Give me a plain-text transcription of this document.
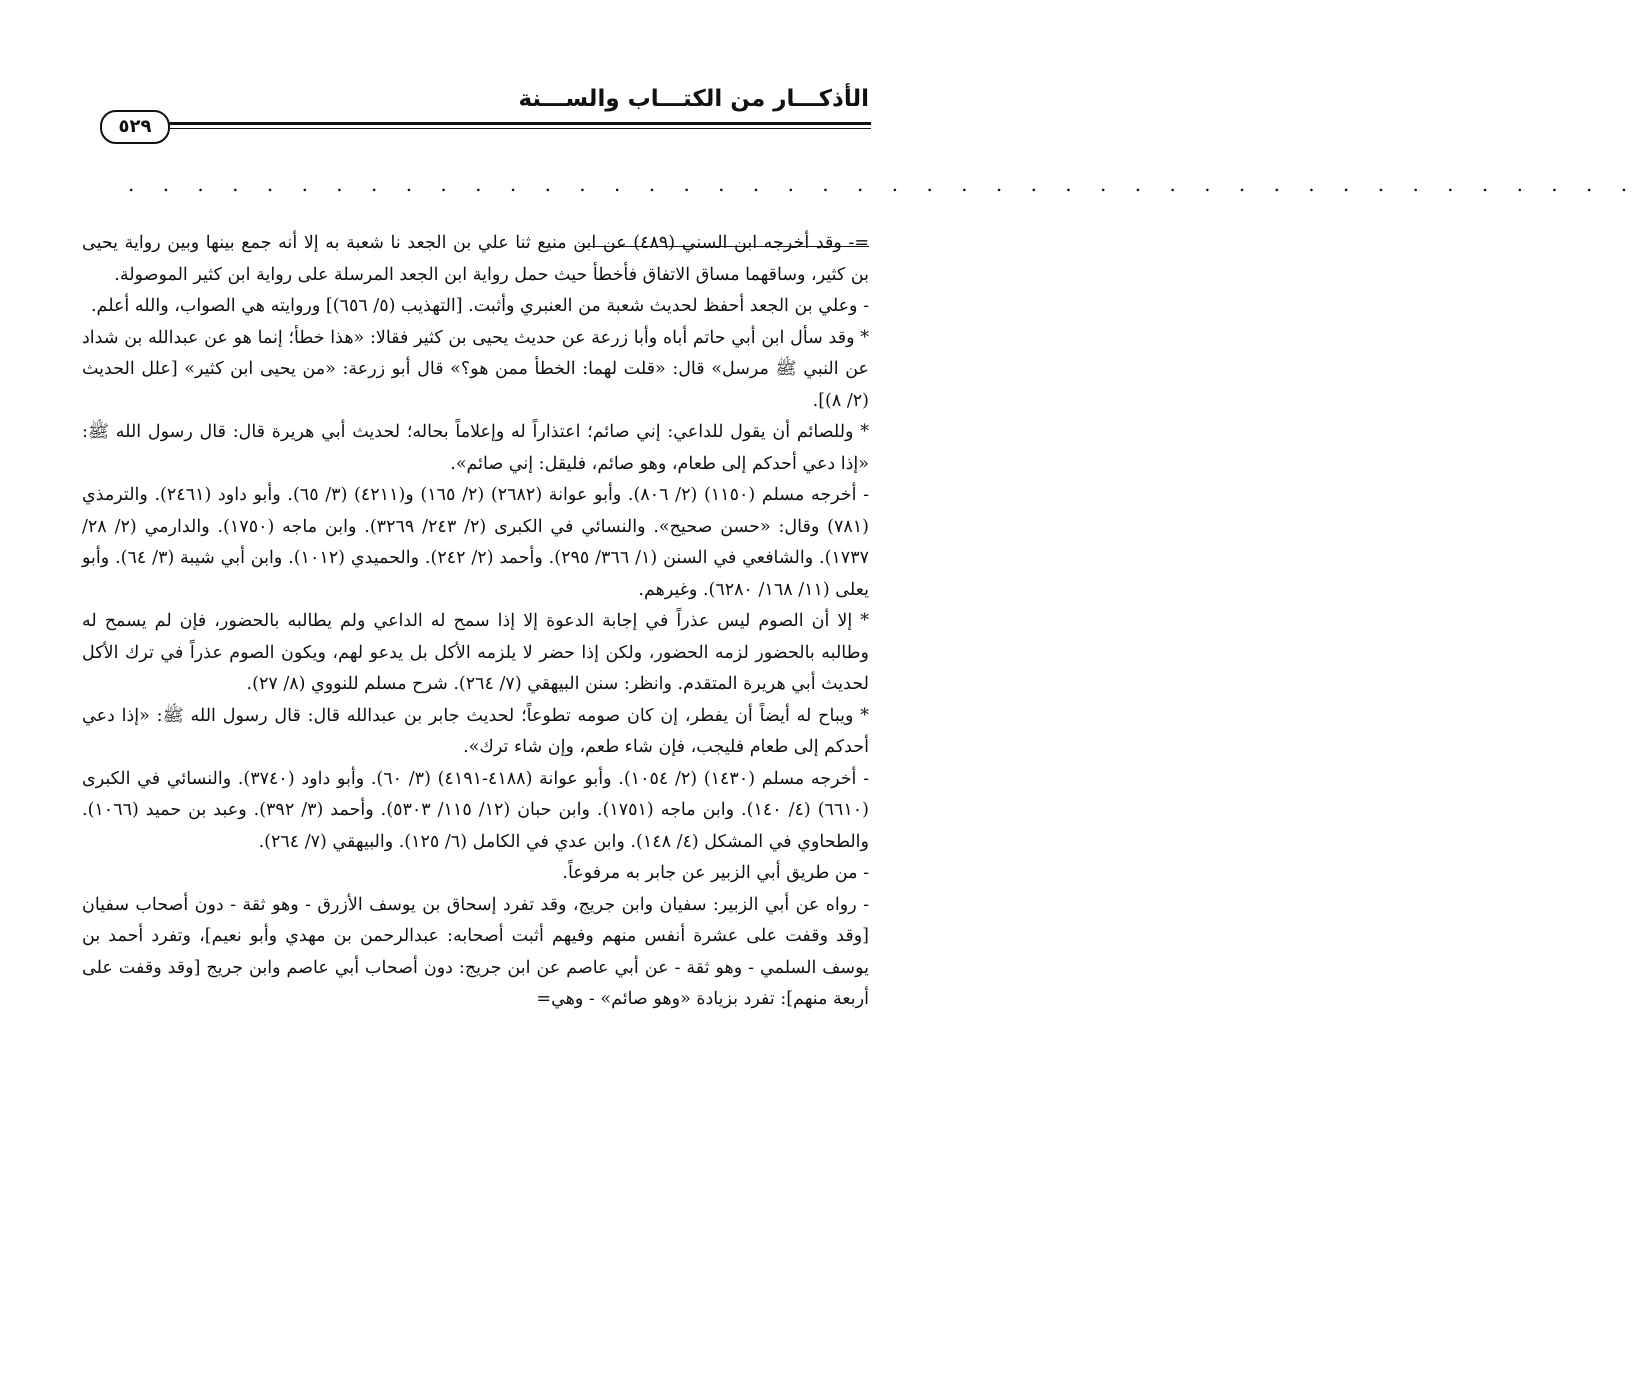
الأذكـــار من الكتـــاب والســـنة
٥٢٩
. . . . . . . . . . . . . . . . . . . . . . . . . . . . . . . . . . . . . . . . . . . .

=- وقد أخرجه ابن السني (٤٨٩) عن ابن منيع ثنا علي بن الجعد نا شعبة به إلا أنه جمع بينها وبين رواية يحيى بن كثير، وساقهما مساق الاتفاق فأخطأ حيث حمل رواية ابن الجعد المرسلة على رواية ابن كثير الموصولة.

- وعلي بن الجعد أحفظ لحديث شعبة من العنبري وأثبت. [التهذيب (٥/ ٦٥٦)] وروايته هي الصواب، والله أعلم.

* وقد سأل ابن أبي حاتم أباه وأبا زرعة عن حديث يحيى بن كثير فقالا: «هذا خطأ؛ إنما هو عن عبدالله بن شداد عن النبي ﷺ مرسل» قال: «قلت لهما: الخطأ ممن هو؟» قال أبو زرعة: «من يحيى ابن كثير» [علل الحديث (٢/ ٨)].

* وللصائم أن يقول للداعي: إني صائم؛ اعتذاراً له وإعلاماً بحاله؛ لحديث أبي هريرة قال: قال رسول الله ﷺ: «إذا دعي أحدكم إلى طعام، وهو صائم، فليقل: إني صائم».

- أخرجه مسلم (١١٥٠) (٢/ ٨٠٦). وأبو عوانة (٢٦٨٢) (٢/ ١٦٥) و(٤٢١١) (٣/ ٦٥). وأبو داود (٢٤٦١). والترمذي (٧٨١) وقال: «حسن صحيح». والنسائي في الكبرى (٢/ ٢٤٣/ ٣٢٦٩). وابن ماجه (١٧٥٠). والدارمي (٢/ ٢٨/ ١٧٣٧). والشافعي في السنن (١/ ٣٦٦/ ٢٩٥). وأحمد (٢/ ٢٤٢). والحميدي (١٠١٢). وابن أبي شيبة (٣/ ٦٤). وأبو يعلى (١١/ ١٦٨/ ٦٢٨٠). وغيرهم.

* إلا أن الصوم ليس عذراً في إجابة الدعوة إلا إذا سمح له الداعي ولم يطالبه بالحضور، فإن لم يسمح له وطالبه بالحضور لزمه الحضور، ولكن إذا حضر لا يلزمه الأكل بل يدعو لهم، ويكون الصوم عذراً في ترك الأكل لحديث أبي هريرة المتقدم. وانظر: سنن البيهقي (٧/ ٢٦٤). شرح مسلم للنووي (٨/ ٢٧).

* ويباح له أيضاً أن يفطر، إن كان صومه تطوعاً؛ لحديث جابر بن عبدالله قال: قال رسول الله ﷺ: «إذا دعي أحدكم إلى طعام فليجب، فإن شاء طعم، وإن شاء ترك».

- أخرجه مسلم (١٤٣٠) (٢/ ١٠٥٤). وأبو عوانة (٤١٨٨-٤١٩١) (٣/ ٦٠). وأبو داود (٣٧٤٠). والنسائي في الكبرى (٦٦١٠) (٤/ ١٤٠). وابن ماجه (١٧٥١). وابن حبان (١٢/ ١١٥/ ٥٣٠٣). وأحمد (٣/ ٣٩٢). وعبد بن حميد (١٠٦٦). والطحاوي في المشكل (٤/ ١٤٨). وابن عدي في الكامل (٦/ ١٢٥). والبيهقي (٧/ ٢٦٤).

- من طريق أبي الزبير عن جابر به مرفوعاً.

- رواه عن أبي الزبير: سفيان وابن جريج، وقد تفرد إسحاق بن يوسف الأزرق - وهو ثقة - دون أصحاب سفيان [وقد وقفت على عشرة أنفس منهم وفيهم أثبت أصحابه: عبدالرحمن بن مهدي وأبو نعيم]، وتفرد أحمد بن يوسف السلمي - وهو ثقة - عن أبي عاصم عن ابن جريج: دون أصحاب أبي عاصم وابن جريج [وقد وقفت على أربعة منهم]: تفرد بزيادة «وهو صائم» - وهي=
